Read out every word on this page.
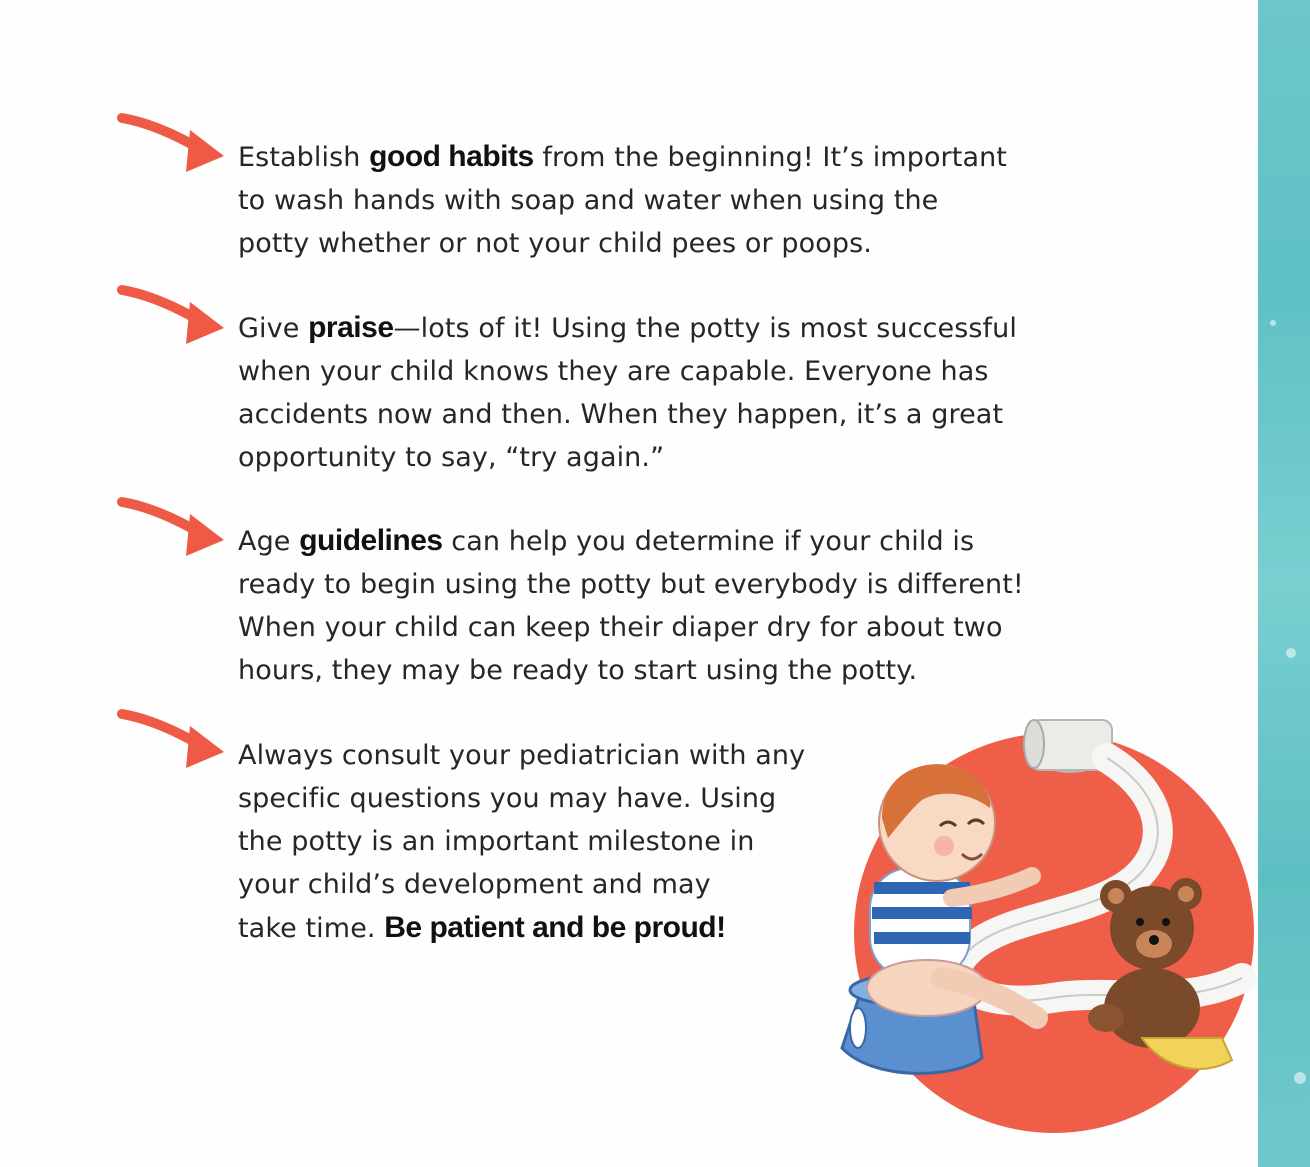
Establish good habits from the beginning! It’s important
to wash hands with soap and water when using the
potty whether or not your child pees or poops.
Give praise—lots of it! Using the potty is most successful
when your child knows they are capable. Everyone has
accidents now and then. When they happen, it’s a great
opportunity to say, “try again.”
Age guidelines can help you determine if your child is
ready to begin using the potty but everybody is different!
When your child can keep their diaper dry for about two
hours, they may be ready to start using the potty.
Always consult your pediatrician with any
specific questions you may have. Using
the potty is an important milestone in
your child’s development and may
take time. Be patient and be proud!
